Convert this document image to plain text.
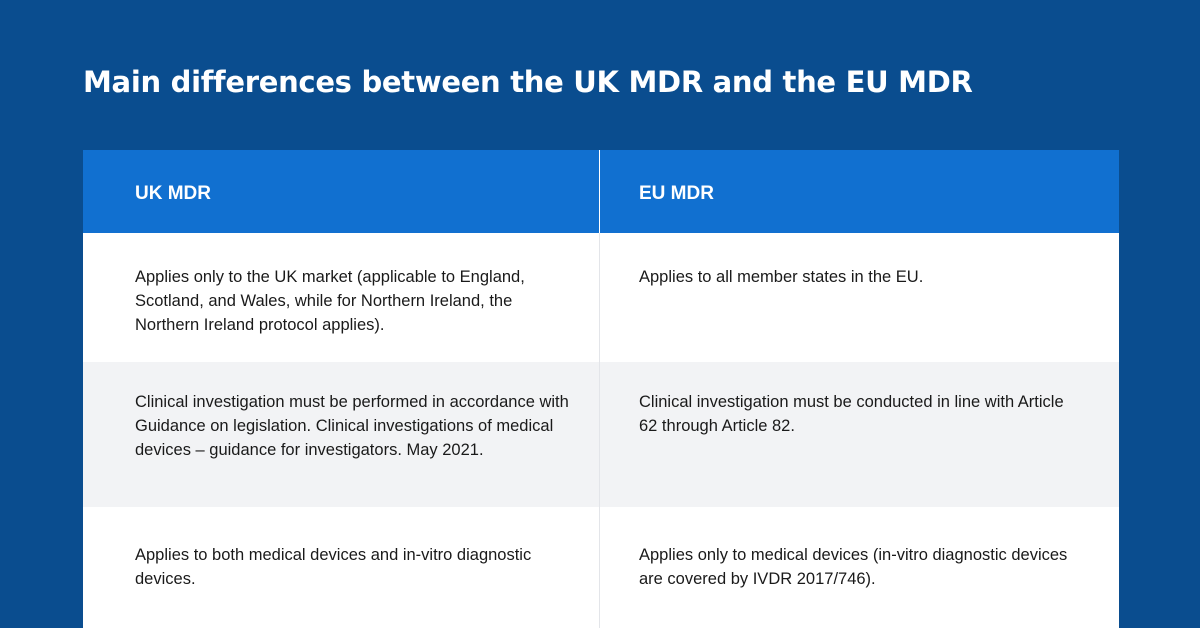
Main differences between the UK MDR and the EU MDR
UK MDR	EU MDR

Applies only to the UK market (applicable to England, Scotland, and Wales, while for Northern Ireland, the Northern Ireland protocol applies).

Applies to all member states in the EU.

Clinical investigation must be performed in accordance with Guidance on legislation. Clinical investigations of medical devices – guidance for investigators. May 2021.

Clinical investigation must be conducted in line with Article 62 through Article 82.

Applies to both medical devices and in-vitro diagnostic devices.

Applies only to medical devices (in-vitro diagnostic devices are covered by IVDR 2017/746).
